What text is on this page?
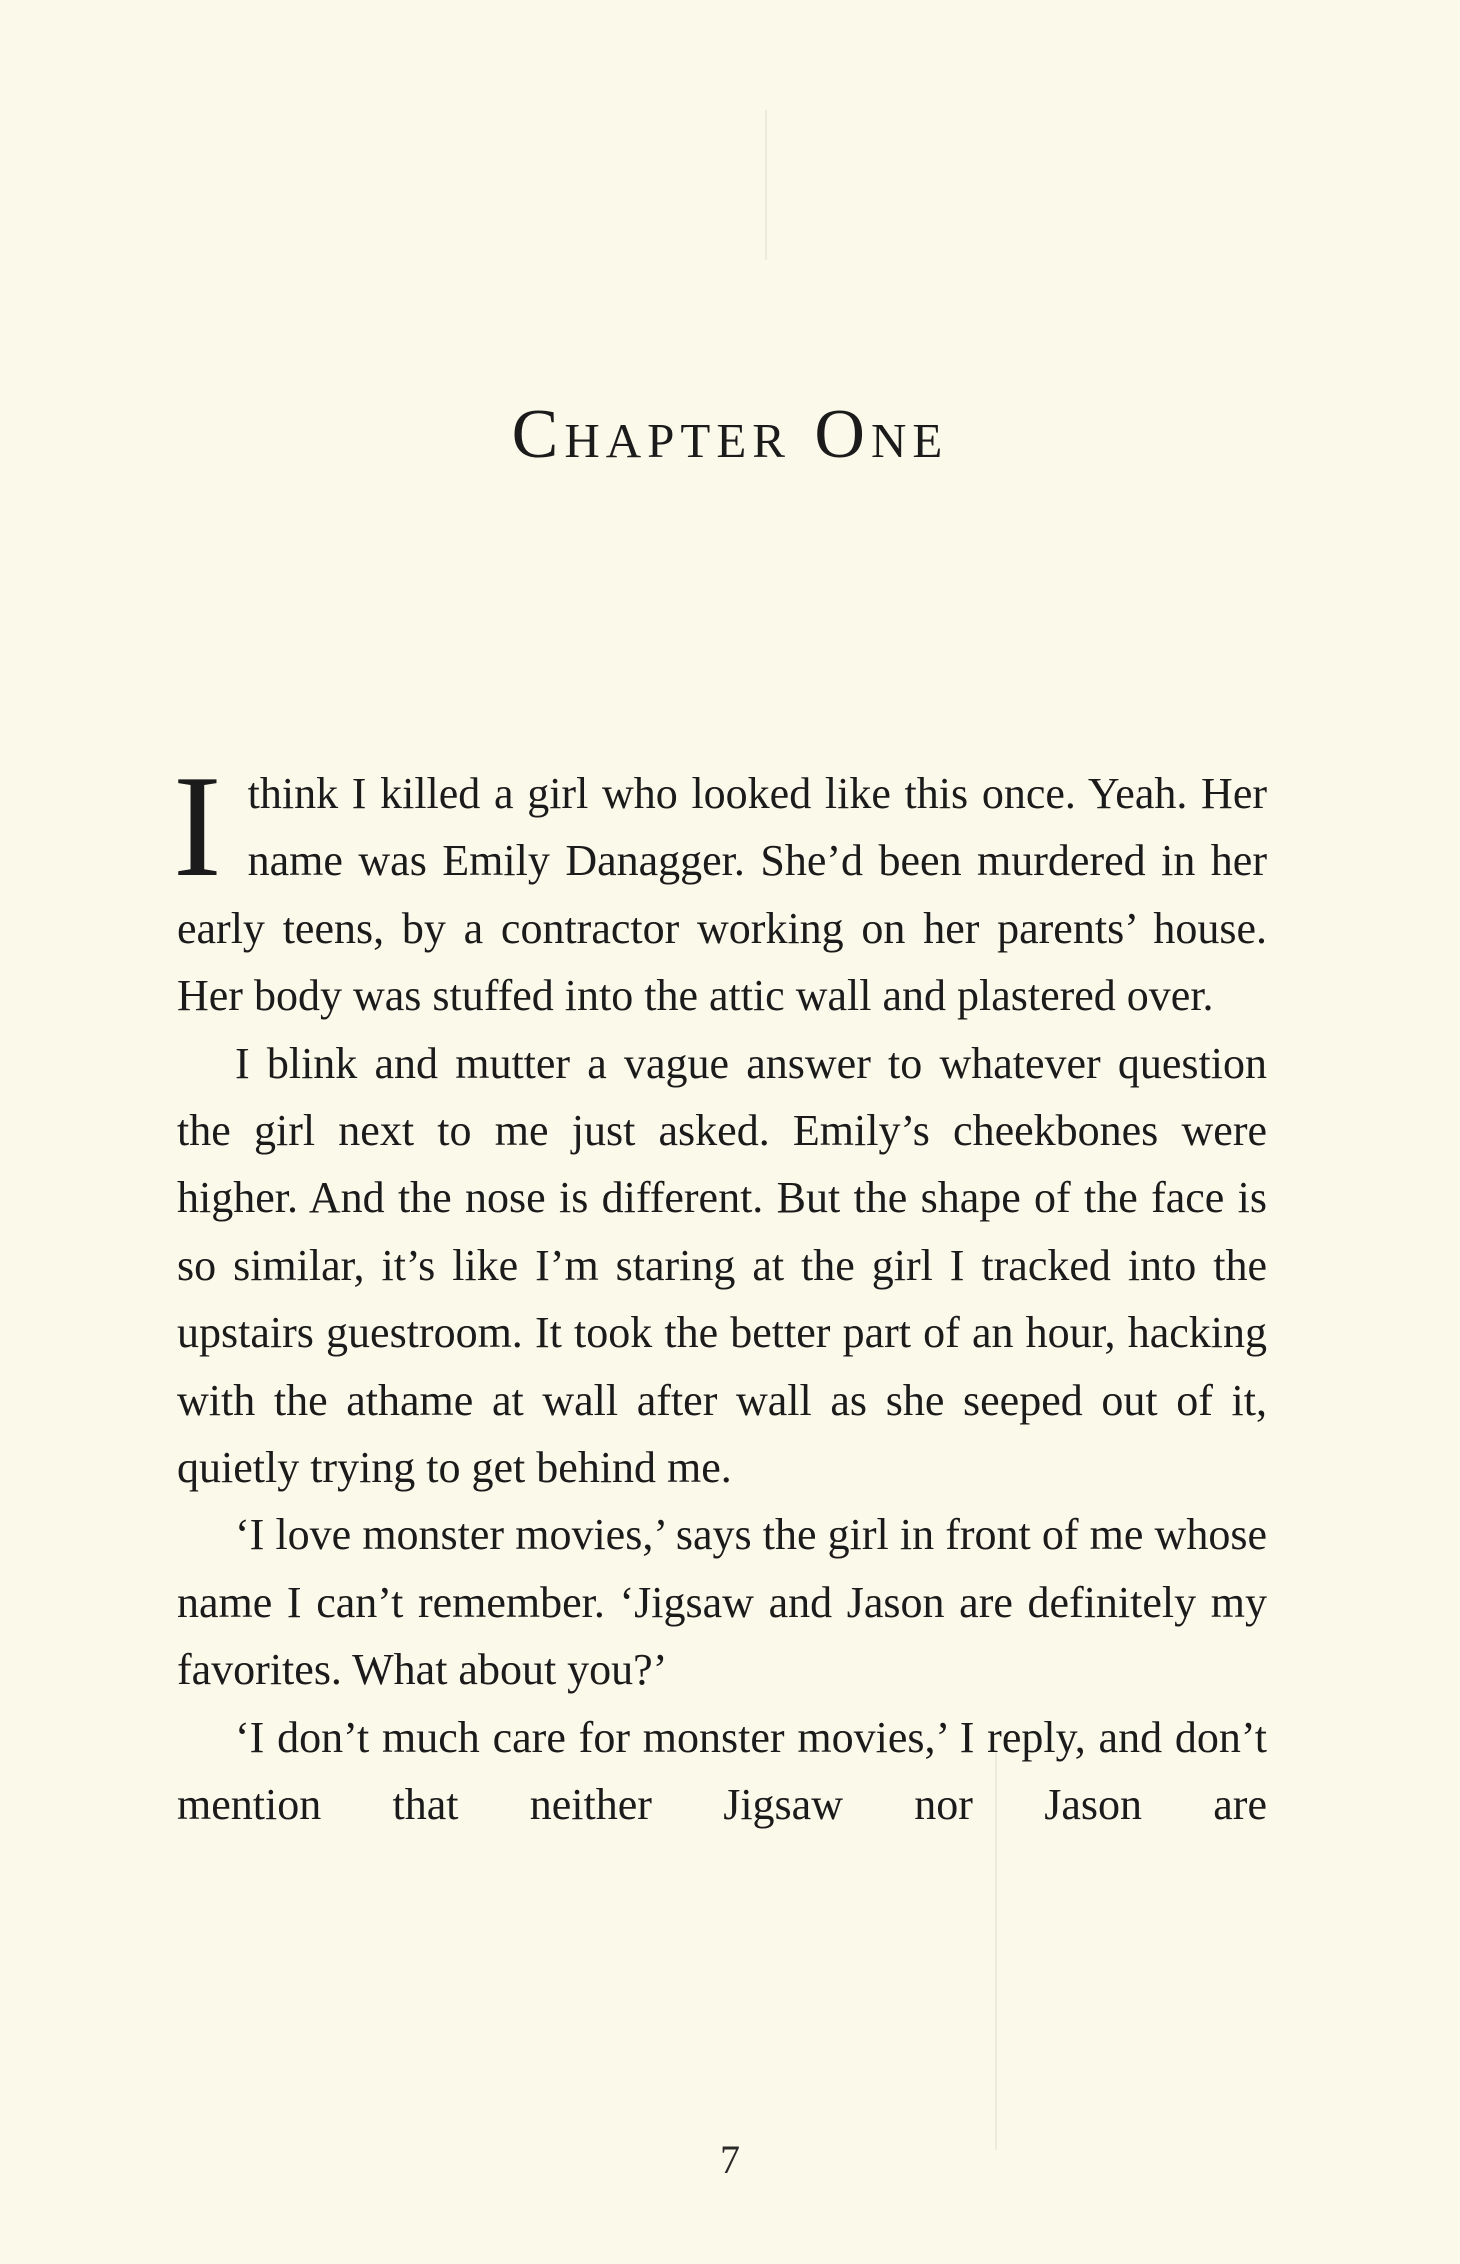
Chapter One

I think I killed a girl who looked like this once. Yeah. Her name was Emily Danagger. She’d been murdered in her early teens, by a contractor working on her parents’ house. Her body was stuffed into the attic wall and plastered over.

I blink and mutter a vague answer to whatever question the girl next to me just asked. Emily’s cheekbones were higher. And the nose is different. But the shape of the face is so similar, it’s like I’m staring at the girl I tracked into the upstairs guestroom. It took the better part of an hour, hacking with the athame at wall after wall as she seeped out of it, quietly trying to get behind me.

‘I love monster movies,’ says the girl in front of me whose name I can’t remember. ‘Jigsaw and Jason are definitely my favorites. What about you?’

‘I don’t much care for monster movies,’ I reply, and don’t mention that neither Jigsaw nor Jason are

7
